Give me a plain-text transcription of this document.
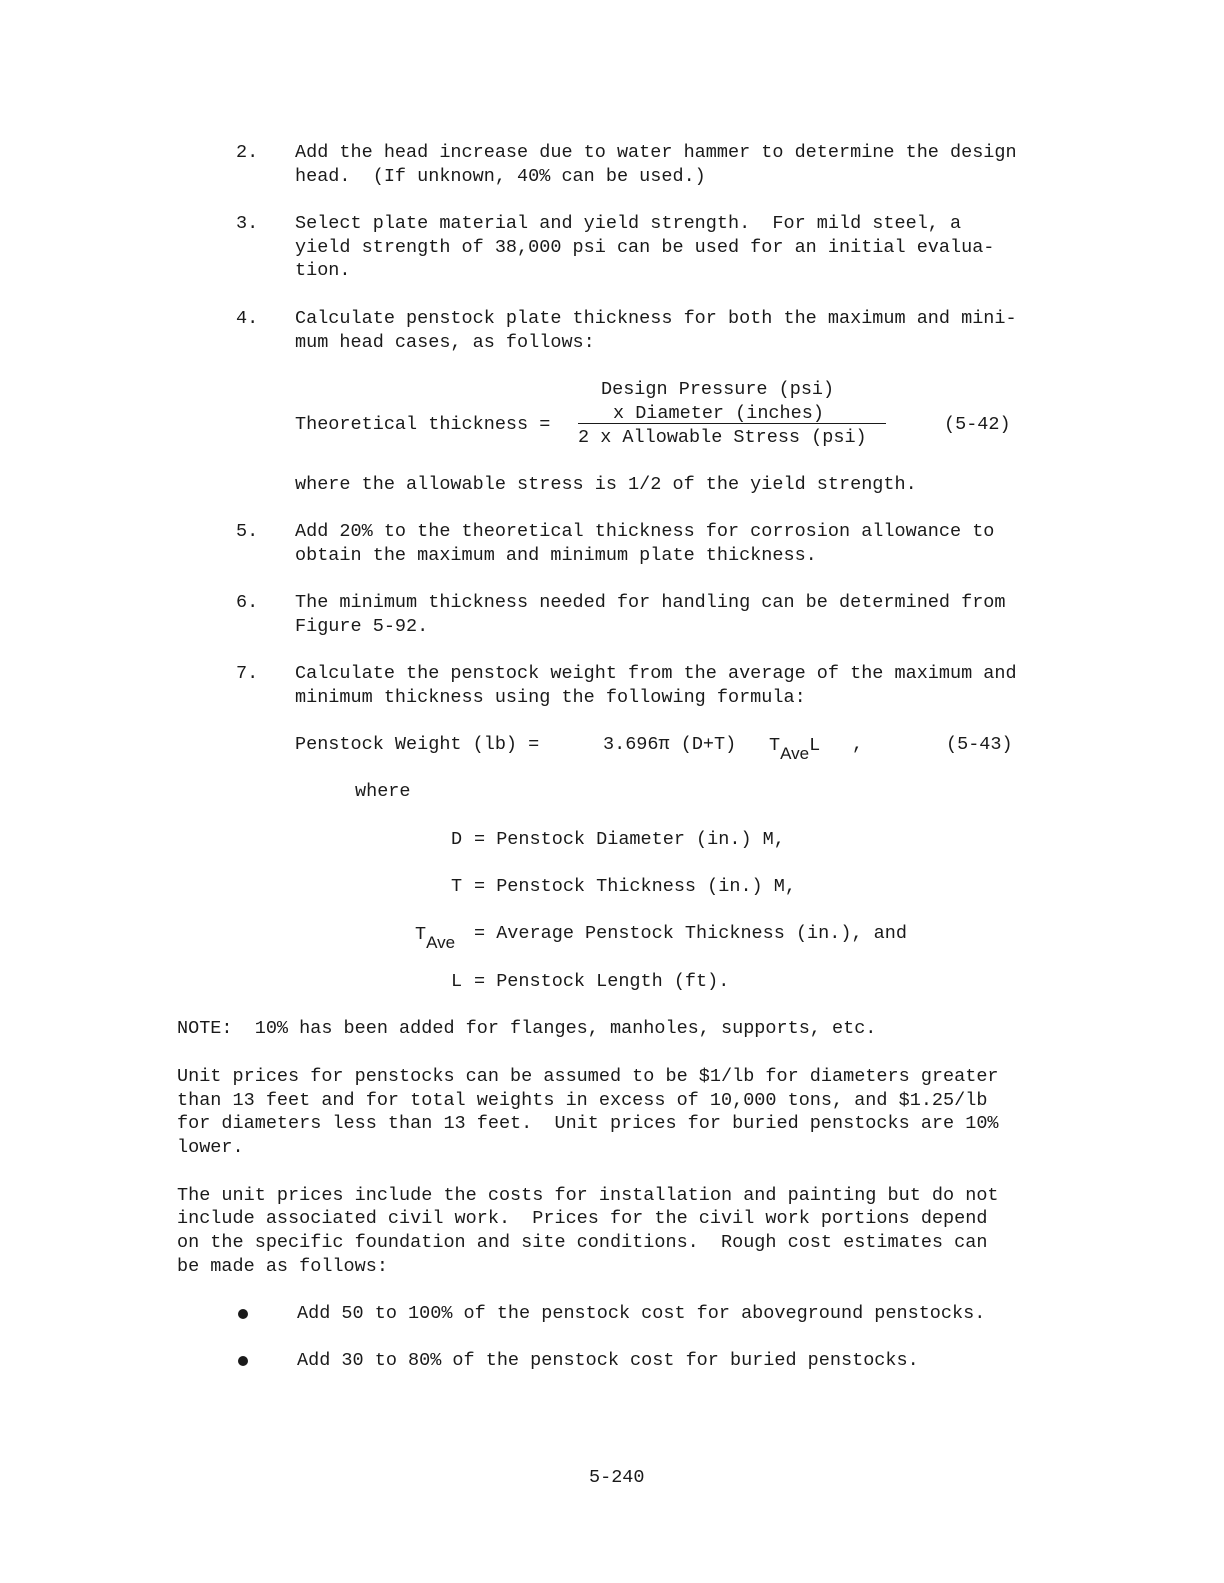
2. Add the head increase due to water hammer to determine the design
head.  (If unknown, 40% can be used.)
3. Select plate material and yield strength.  For mild steel, a
yield strength of 38,000 psi can be used for an initial evalua-
tion.
4. Calculate penstock plate thickness for both the maximum and mini-
mum head cases, as follows:
Design Pressure (psi)
x Diameter (inches)
Theoretical thickness =
2 x Allowable Stress (psi)
(5-42)
where the allowable stress is 1/2 of the yield strength.
5. Add 20% to the theoretical thickness for corrosion allowance to
obtain the maximum and minimum plate thickness.
6. The minimum thickness needed for handling can be determined from
Figure 5-92.
7. Calculate the penstock weight from the average of the maximum and
minimum thickness using the following formula:
Penstock Weight (lb) =	3.696π (D+T) TAveL ,	(5-43)
where
D = Penstock Diameter (in.) M,
T = Penstock Thickness (in.) M,
TAve = Average Penstock Thickness (in.), and
L = Penstock Length (ft).
NOTE:  10% has been added for flanges, manholes, supports, etc.
Unit prices for penstocks can be assumed to be $1/lb for diameters greater
than 13 feet and for total weights in excess of 10,000 tons, and $1.25/lb
for diameters less than 13 feet.  Unit prices for buried penstocks are 10%
lower.
The unit prices include the costs for installation and painting but do not
include associated civil work.  Prices for the civil work portions depend
on the specific foundation and site conditions.  Rough cost estimates can
be made as follows:
Add 50 to 100% of the penstock cost for aboveground penstocks.
Add 30 to 80% of the penstock cost for buried penstocks.
5-240
